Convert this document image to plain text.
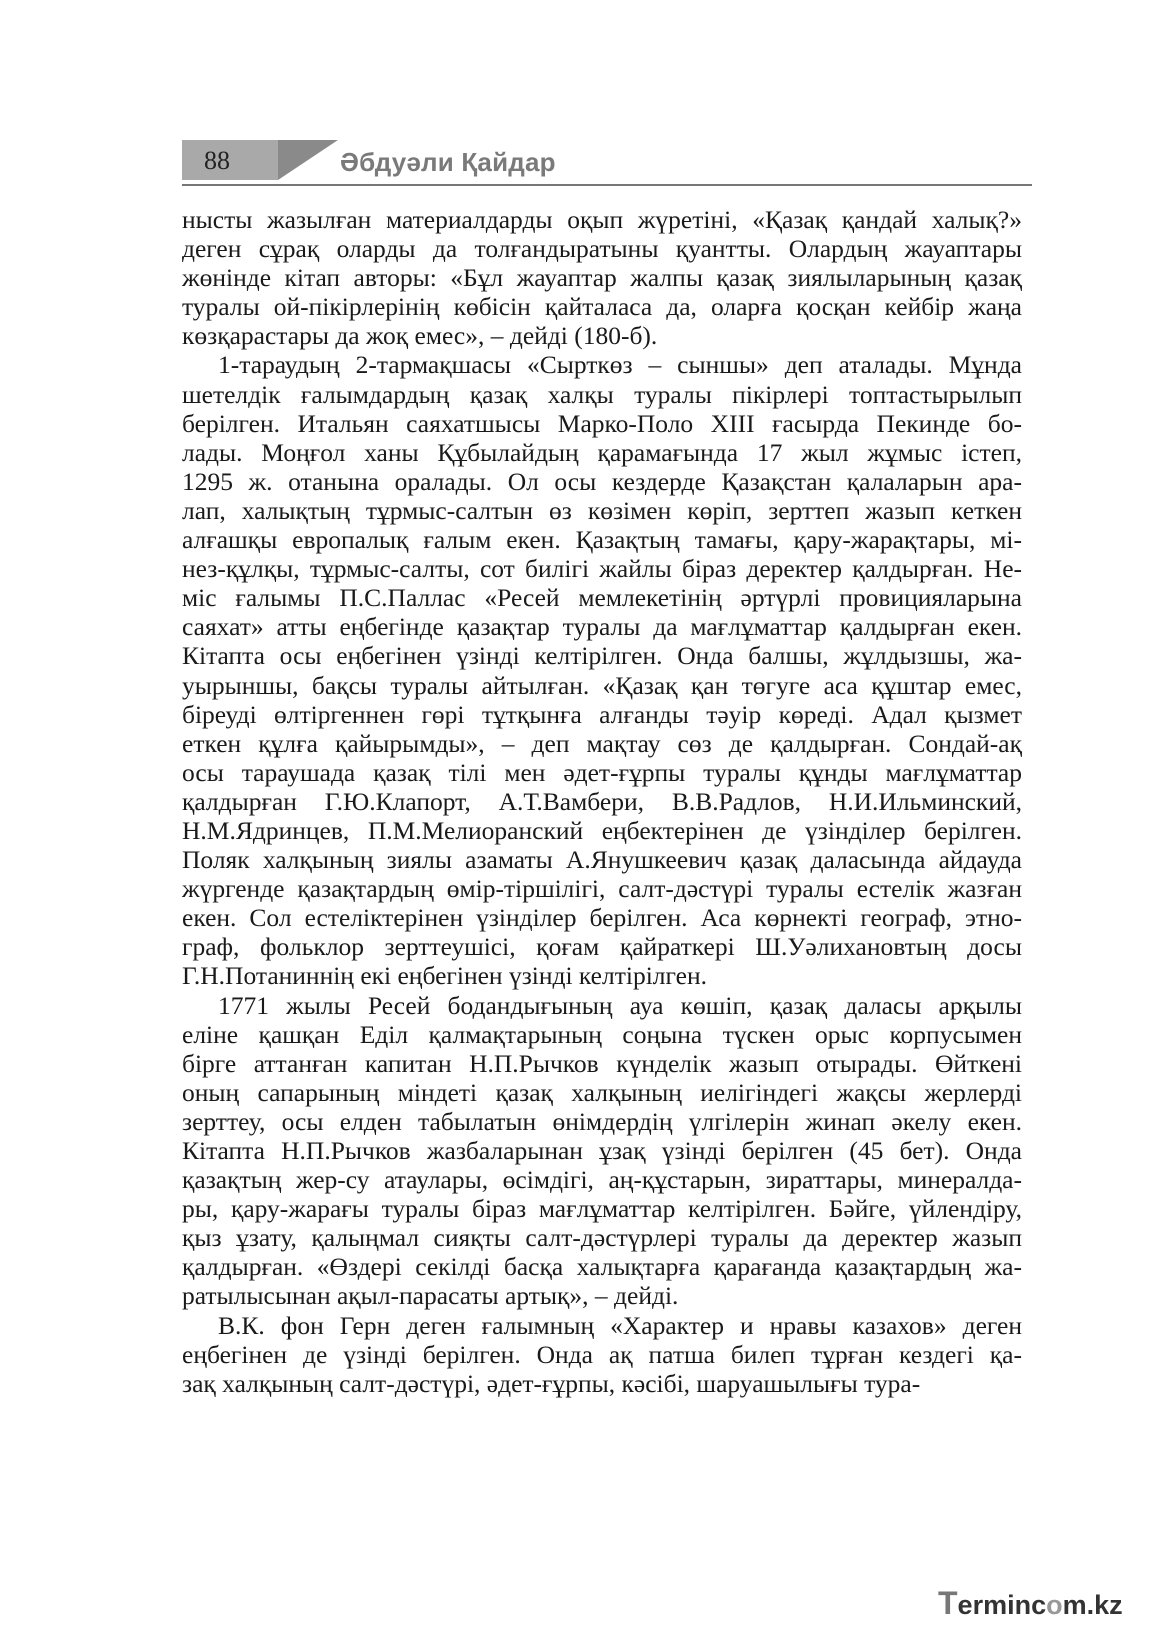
88	Әбдуәли Қайдар

нысты жазылған материалдарды оқып жүретіні, «Қазақ қандай халық?»

деген сұрақ оларды да толғандыратыны қуантты. Олардың жауаптары

жөнінде кітап авторы: «Бұл жауаптар жалпы қазақ зиялыларының қазақ

туралы ой-пікірлерінің көбісін қайталаса да, оларға қосқан кейбір жаңа

көзқарастары да жоқ емес», – дейді (180-б).

1-тараудың 2-тармақшасы «Сырткөз – сыншы» деп аталады. Мұнда

шетелдік ғалымдардың қазақ халқы туралы пікірлері топтастырылып

берілген. Итальян саяхатшысы Марко-Поло ХIII ғасырда Пекинде бо-

лады. Моңғол ханы Құбылайдың қарамағында 17 жыл жұмыс істеп,

1295 ж. отанына оралады. Ол осы кездерде Қазақстан қалаларын ара-

лап, халықтың тұрмыс-салтын өз көзімен көріп, зерттеп жазып кеткен

алғашқы европалық ғалым екен. Қазақтың тамағы, қару-жарақтары, мі-

нез-құлқы, тұрмыс-салты, сот билігі жайлы біраз деректер қалдырған. Не-

міс ғалымы П.С.Паллас «Ресей мемлекетінің әртүрлі провицияларына

саяхат» атты еңбегінде қазақтар туралы да мағлұматтар қалдырған екен.

Кітапта осы еңбегінен үзінді келтірілген. Онда балшы, жұлдызшы, жа-

уырыншы, бақсы туралы айтылған. «Қазақ қан төгуге аса құштар емес,

біреуді өлтіргеннен гөрі тұтқынға алғанды тәуір көреді. Адал қызмет

еткен құлға қайырымды», – деп мақтау сөз де қалдырған. Сондай-ақ

осы тараушада қазақ тілі мен әдет-ғұрпы туралы құнды мағлұматтар

қалдырған Г.Ю.Клапорт, А.Т.Вамбери, В.В.Радлов, Н.И.Ильминский,

Н.М.Ядринцев, П.М.Мелиоранский еңбектерінен де үзінділер берілген.

Поляк халқының зиялы азаматы А.Янушкеевич қазақ даласында айдауда

жүргенде қазақтардың өмір-тіршілігі, салт-дәстүрі туралы естелік жазған

екен. Сол естеліктерінен үзінділер берілген. Аса көрнекті географ, этно-

граф, фольклор зерттеушісі, қоғам қайраткері Ш.Уәлихановтың досы

Г.Н.Потаниннің екі еңбегінен үзінді келтірілген.

1771 жылы Ресей бодандығының ауа көшіп, қазақ даласы арқылы

еліне қашқан Еділ қалмақтарының соңына түскен орыс корпусымен

бірге аттанған капитан Н.П.Рычков күнделік жазып отырады. Өйткені

оның сапарының міндеті қазақ халқының иелігіндегі жақсы жерлерді

зерттеу, осы елден табылатын өнімдердің үлгілерін жинап әкелу екен.

Кітапта Н.П.Рычков жазбаларынан ұзақ үзінді берілген (45 бет). Онда

қазақтың жер-су атаулары, өсімдігі, аң-құстарын, зираттары, минералда-

ры, қару-жарағы туралы біраз мағлұматтар келтірілген. Бәйге, үйлендіру,

қыз ұзату, қалыңмал сияқты салт-дәстүрлері туралы да деректер жазып

қалдырған. «Өздері секілді басқа халықтарға қарағанда қазақтардың жа-

ратылысынан ақыл-парасаты артық», – дейді.

В.К. фон Герн деген ғалымның «Характер и нравы казахов» деген

еңбегінен де үзінді берілген. Онда ақ патша билеп тұрған кездегі қа-

зақ халқының салт-дәстүрі, әдет-ғұрпы, кәсібі, шаруашылығы тура-

Termincom.kz
